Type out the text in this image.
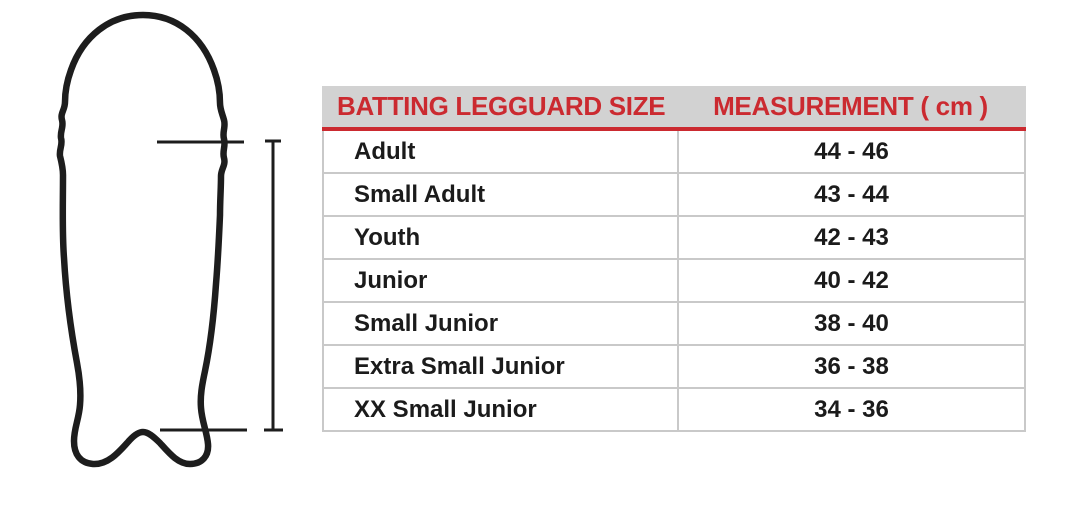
BATTING LEGGUARD SIZE	MEASUREMENT ( cm )
Adult	44 - 46
Small Adult	43 - 44
Youth	42 - 43
Junior	40 - 42
Small Junior	38 - 40
Extra Small Junior	36 - 38
XX Small Junior	34 - 36
